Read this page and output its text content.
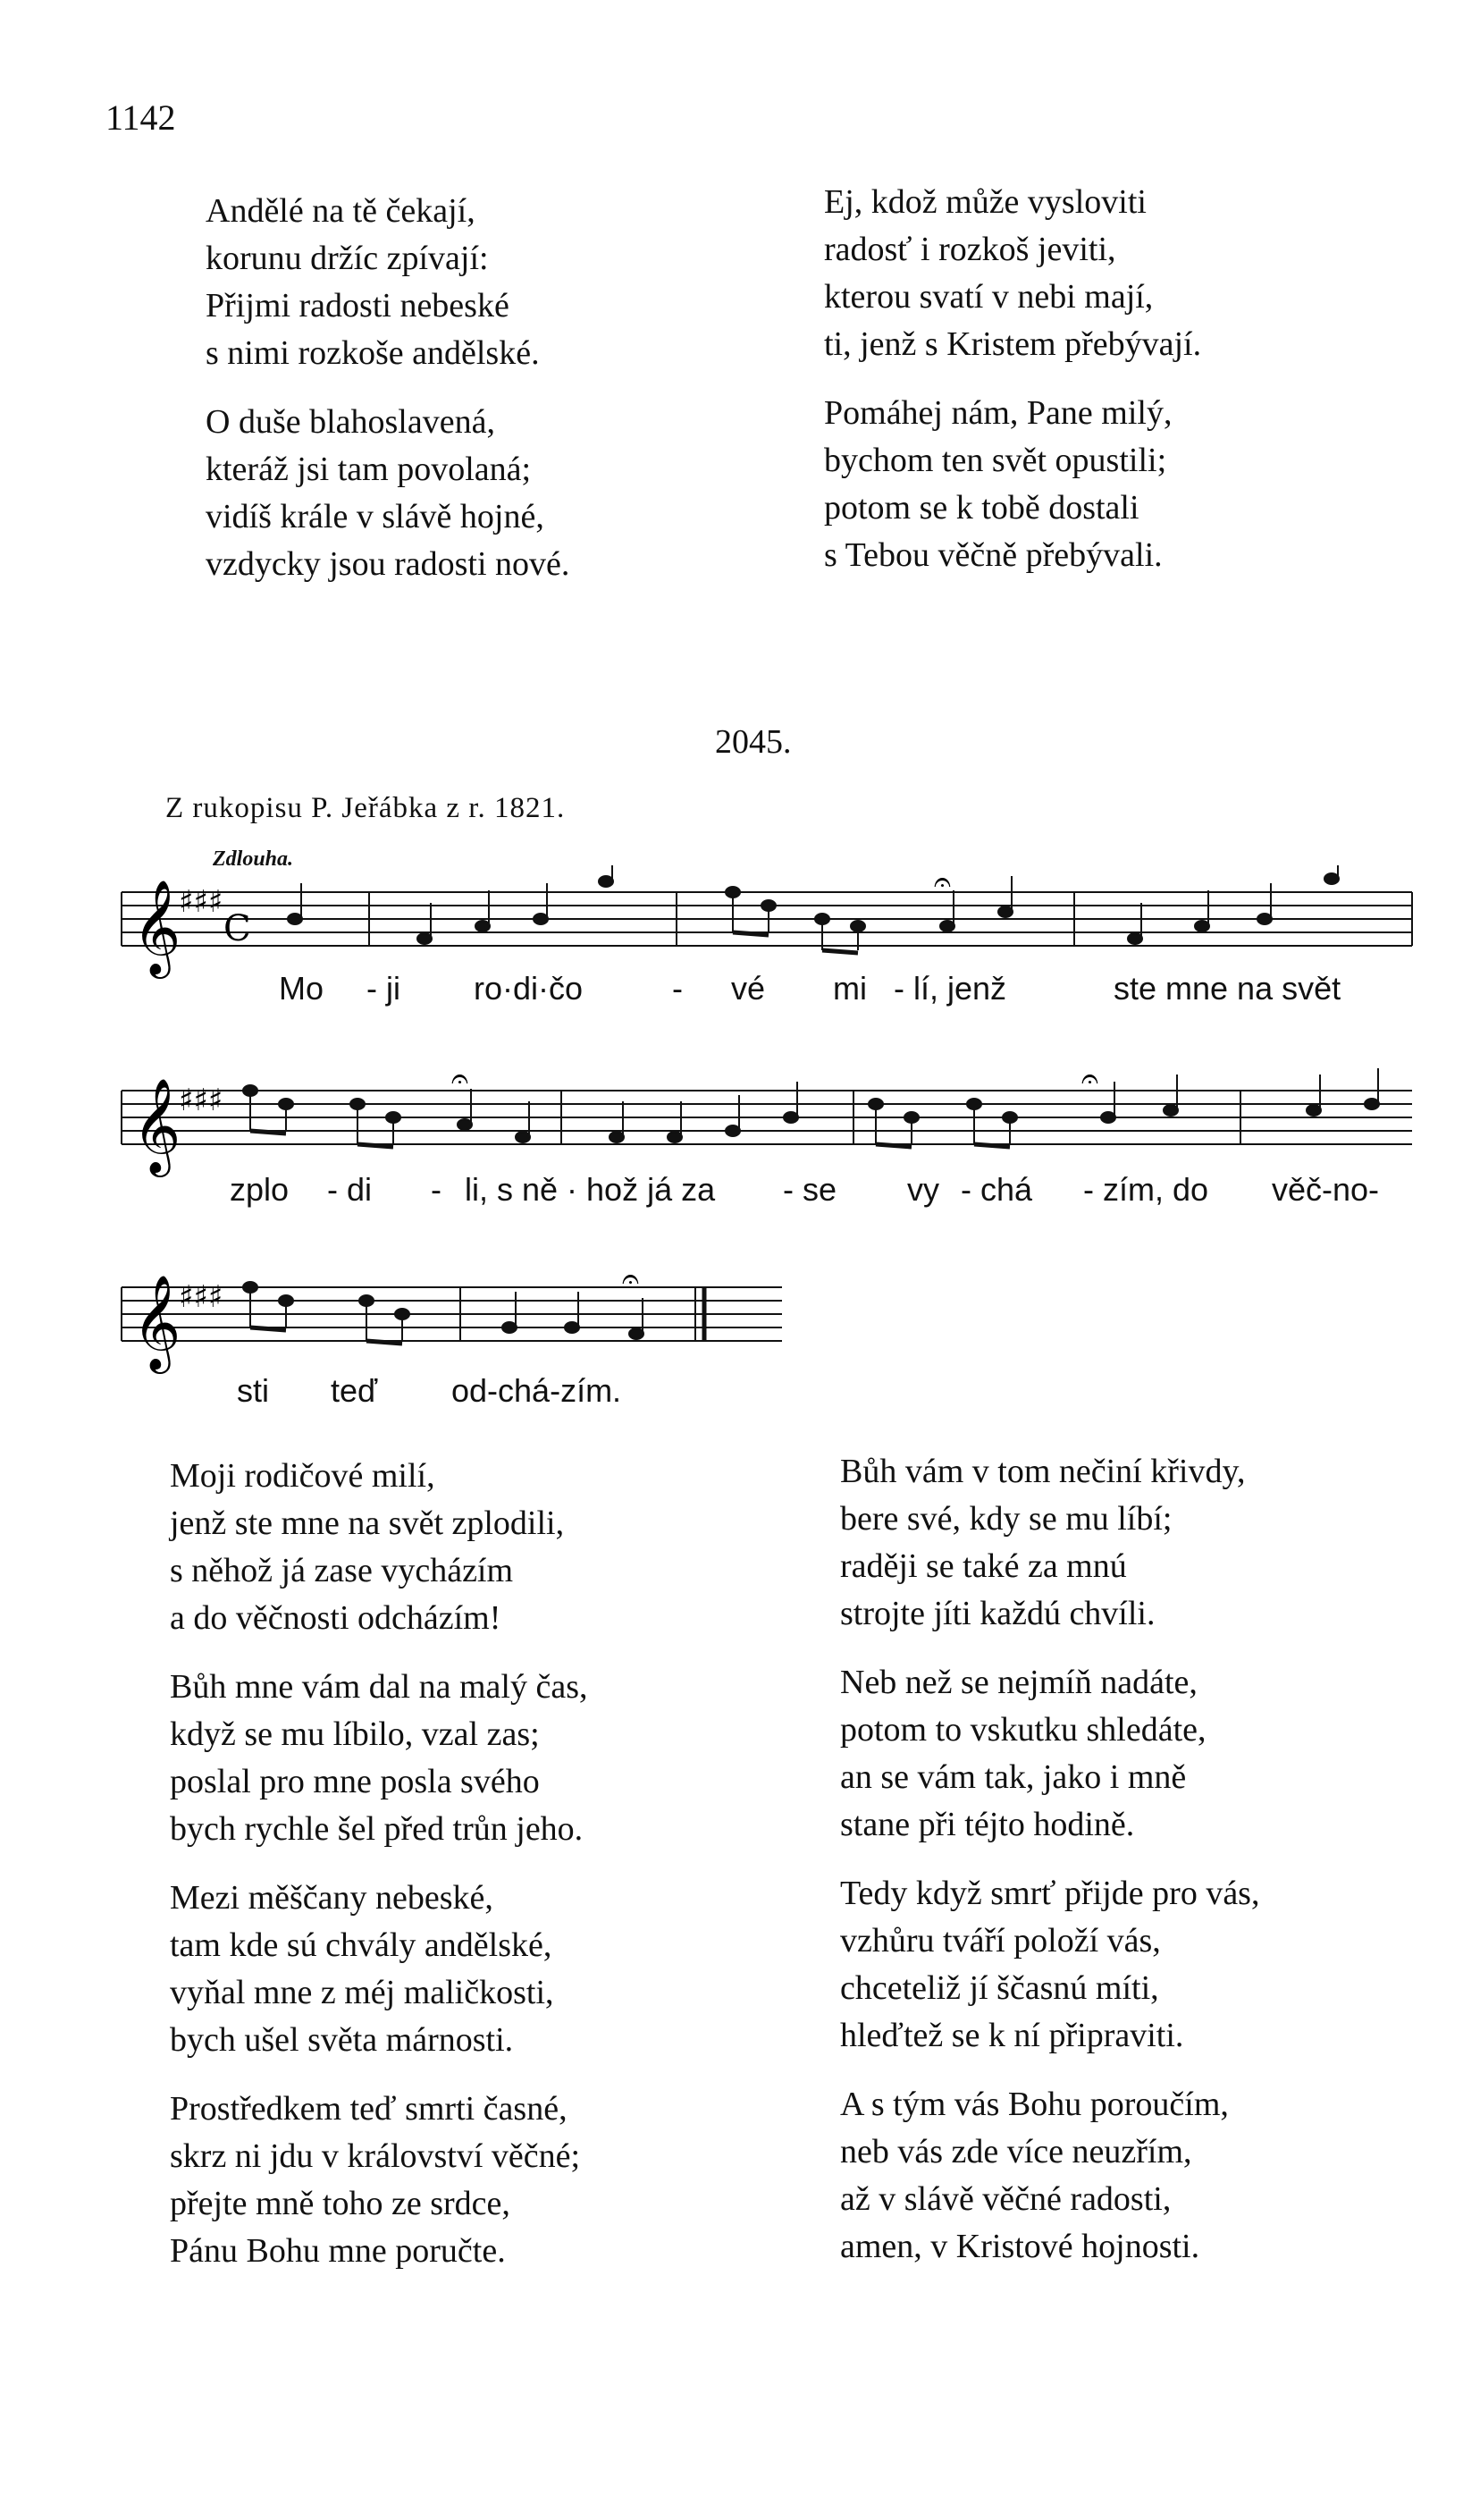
1142
Andělé na tě čekají,
korunu držíc zpívají:
Přijmi radosti nebeské
s nimi rozkoše andělské.
O duše blahoslavená,
kteráž jsi tam povolaná;
vidíš krále v slávě hojné,
vzdycky jsou radosti nové.
Ej, kdož může vysloviti
radosť i rozkoš jeviti,
kterou svatí v nebi mají,
ti, jenž s Kristem přebývají.
Pomáhej nám, Pane milý,
bychom ten svět opustili;
potom se k tobě dostali
s Tebou věčně přebývali.
2045.
Z rukopisu P. Jeřábka z r. 1821.
Zdlouha.
𝄞
♯♯♯
C
𝄐
Mo - ji ro·di·čo	- vé mi - lí, jenž	ste mne na svět
𝄞
♯♯♯
𝄐	𝄐
zplo - di - li, s ně · hož já za - se vy - chá - zím, do věč-no-
𝄞
♯♯♯	𝄐
sti teď od-chá-zím.
Moji rodičové milí,
jenž ste mne na svět zplodili,
s něhož já zase vycházím
a do věčnosti odcházím!
Bůh mne vám dal na malý čas,
když se mu líbilo, vzal zas;
poslal pro mne posla svého
bych rychle šel před trůn jeho.
Mezi měščany nebeské,
tam kde sú chvály andělské,
vyňal mne z méj maličkosti,
bych ušel světa márnosti.
Prostředkem teď smrti časné,
skrz ni jdu v království věčné;
přejte mně toho ze srdce,
Pánu Bohu mne poručte.
Bůh vám v tom nečiní křivdy,
bere své, kdy se mu líbí;
raději se také za mnú
strojte jíti každú chvíli.
Neb než se nejmíň nadáte,
potom to vskutku shledáte,
an se vám tak, jako i mně
stane při téjto hodině.
Tedy když smrť přijde pro vás,
vzhůru tváří položí vás,
chceteliž jí ščasnú míti,
hleďtež se k ní připraviti.
A s tým vás Bohu poroučím,
neb vás zde více neuzřím,
až v slávě věčné radosti,
amen, v Kristové hojnosti.
